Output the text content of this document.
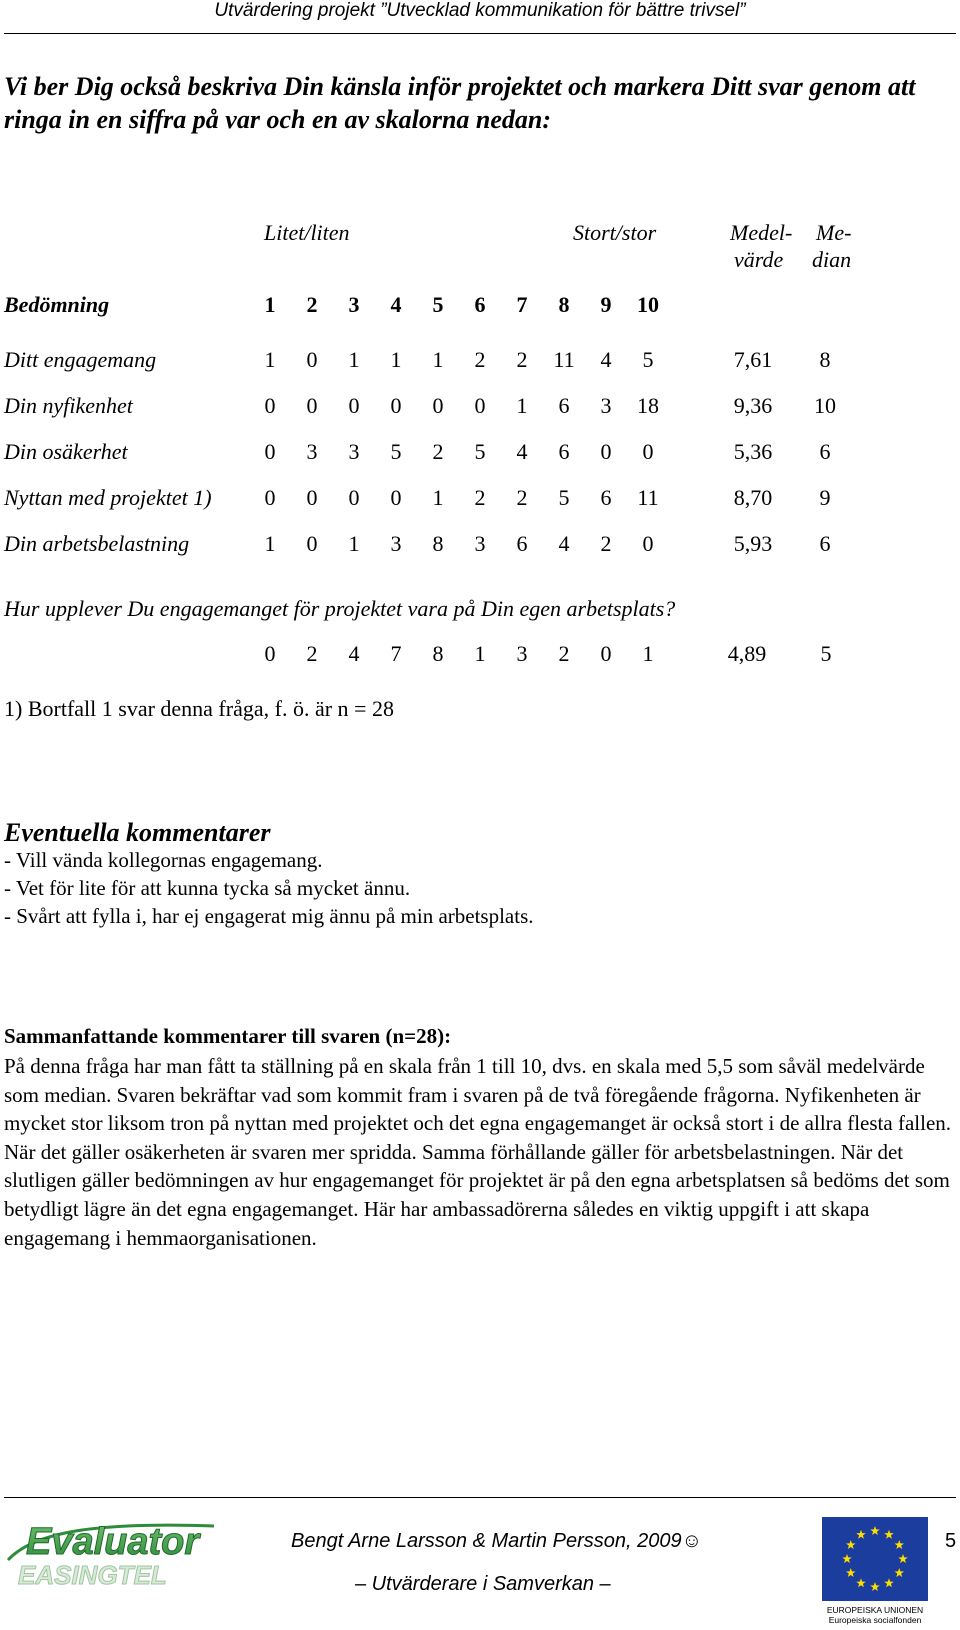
Utvärdering projekt ”Utvecklad kommunikation för bättre trivsel”
Vi ber Dig också beskriva Din känsla inför projektet och markera Ditt svar genom att ringa in en siffra på var och en av skalorna nedan:
Litet/liten	Stort/stor	Medel-
värde
Me-
dian
Bedömning	1	2	3	4	5	6	7	8	9	10
Ditt engagemang	1	0	1	1	1	2	2	11	4	5	7,61	8
Din nyfikenhet	0	0	0	0	0	0	1	6	3	18	9,36	10
Din osäkerhet	0	3	3	5	2	5	4	6	0	0	5,36	6
Nyttan med projektet 1)	0	0	0	0	1	2	2	5	6	11	8,70	9
Din arbetsbelastning	1	0	1	3	8	3	6	4	2	0	5,93	6
Hur upplever Du engagemanget för projektet vara på Din egen arbetsplats?
0	2	4	7	8	1	3	2	0	1	4,89	5
1) Bortfall 1 svar denna fråga, f. ö. är n = 28
Eventuella kommentarer
- Vill vända kollegornas engagemang.
- Vet för lite för att kunna tycka så mycket ännu.
- Svårt att fylla i, har ej engagerat mig ännu på min arbetsplats.
Sammanfattande kommentarer till svaren (n=28):
På denna fråga har man fått ta ställning på en skala från 1 till 10, dvs. en skala med 5,5 som såväl medelvärde som median. Svaren bekräftar vad som kommit fram i svaren på de två föregående frågorna. Nyfikenheten är mycket stor liksom tron på nyttan med projektet och det egna engagemanget är också stort i de allra flesta fallen. När det gäller osäkerheten är svaren mer spridda. Samma förhållande gäller för arbetsbelastningen. När det slutligen gäller bedömningen av hur engagemanget för projektet är på den egna arbetsplatsen så bedöms det som betydligt lägre än det egna engagemanget. Här har ambassadörerna således en viktig uppgift i att skapa engagemang i hemmaorganisationen.
Evaluator
EASINGTEL
Bengt Arne Larsson & Martin Persson, 2009☺
– Utvärderare i Samverkan –
5
EUROPEISKA UNIONEN
Europeiska socialfonden
